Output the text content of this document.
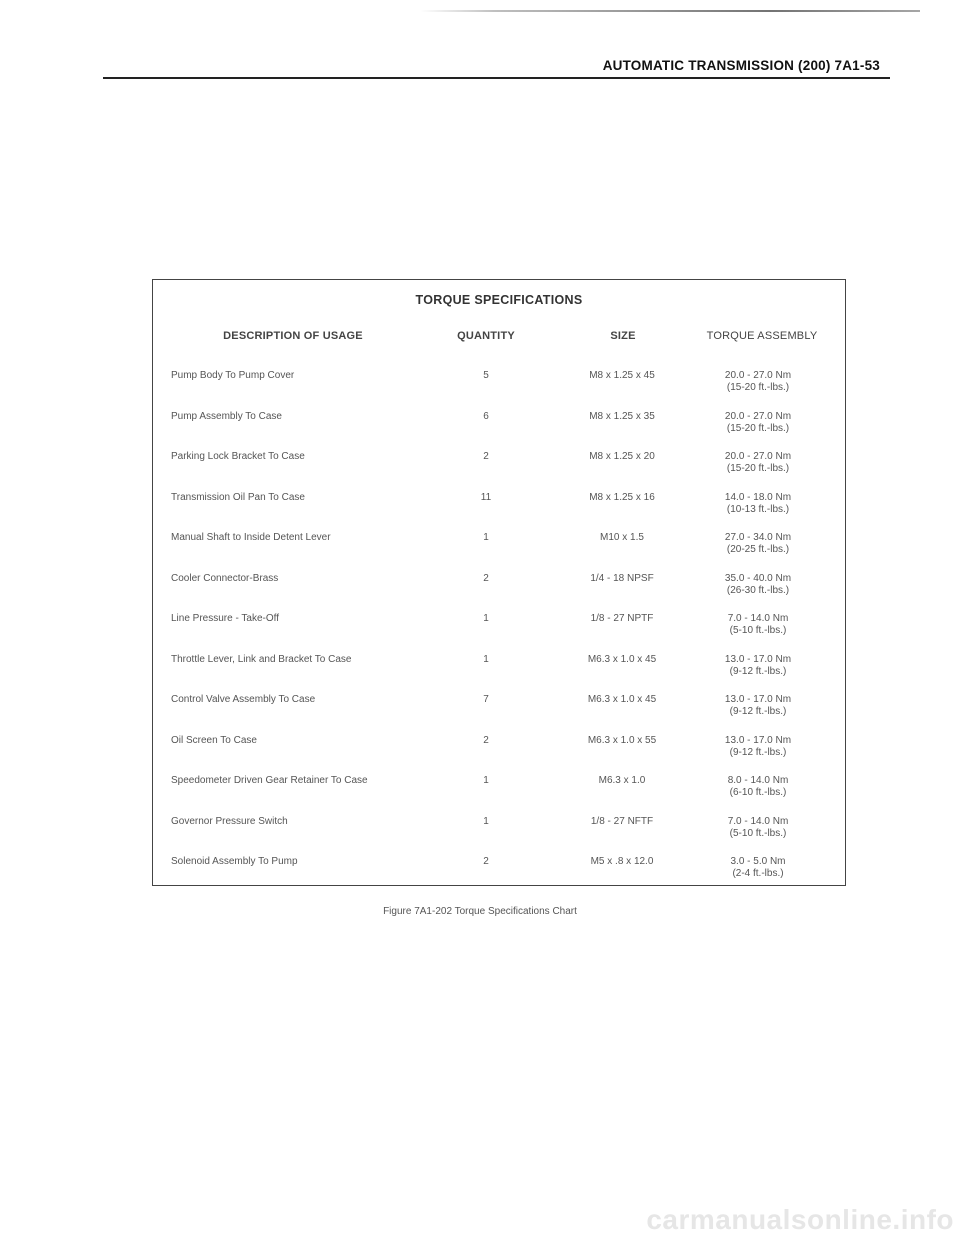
AUTOMATIC TRANSMISSION (200) 7A1-53
TORQUE SPECIFICATIONS
DESCRIPTION OF USAGE	QUANTITY	SIZE	TORQUE ASSEMBLY
Pump Body To Pump Cover	5	M8 x 1.25 x 45	20.0 - 27.0 Nm
(15-20 ft.-lbs.)
Pump Assembly To Case	6	M8 x 1.25 x 35	20.0 - 27.0 Nm
(15-20 ft.-lbs.)
Parking Lock Bracket To Case	2	M8 x 1.25 x 20	20.0 - 27.0 Nm
(15-20 ft.-lbs.)
Transmission Oil Pan To Case	11	M8 x 1.25 x 16	14.0 - 18.0 Nm
(10-13 ft.-lbs.)
Manual Shaft to Inside Detent Lever	1	M10 x 1.5	27.0 - 34.0 Nm
(20-25 ft.-lbs.)
Cooler Connector-Brass	2	1/4 - 18 NPSF	35.0 - 40.0 Nm
(26-30 ft.-lbs.)
Line Pressure - Take-Off	1	1/8 - 27 NPTF	7.0 - 14.0 Nm
(5-10 ft.-lbs.)
Throttle Lever, Link and Bracket To Case	1	M6.3 x 1.0 x 45	13.0 - 17.0 Nm
(9-12 ft.-lbs.)
Control Valve Assembly To Case	7	M6.3 x 1.0 x 45	13.0 - 17.0 Nm
(9-12 ft.-lbs.)
Oil Screen To Case	2	M6.3 x 1.0 x 55	13.0 - 17.0 Nm
(9-12 ft.-lbs.)
Speedometer Driven Gear Retainer To Case	1	M6.3 x 1.0	8.0 - 14.0 Nm
(6-10 ft.-lbs.)
Governor Pressure Switch	1	1/8 - 27 NFTF	7.0 - 14.0 Nm
(5-10 ft.-lbs.)
Solenoid Assembly To Pump	2	M5 x .8 x 12.0	3.0 - 5.0 Nm
(2-4 ft.-lbs.)
Figure 7A1-202 Torque Specifications Chart
carmanualsonline.info
